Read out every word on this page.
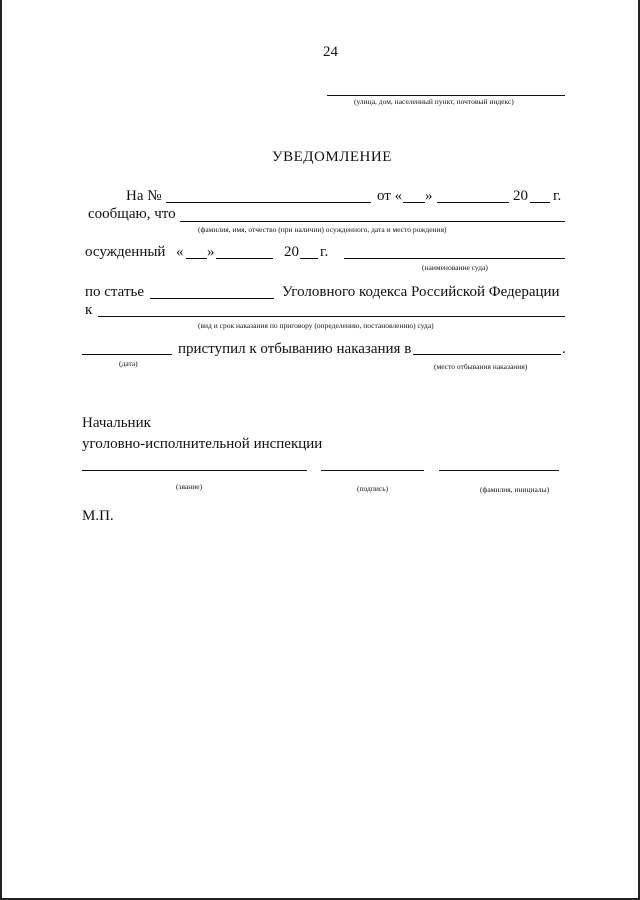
24
(улица, дом, населенный пункт, почтовый индекс)
УВЕДОМЛЕНИЕ
На №	от « »	20 г.
сообщаю, что
(фамилия, имя, отчество (при наличии) осужденного, дата и место рождения)
осужденный « »	20 г.
(наименование суда)
по статье	Уголовного кодекса Российской Федерации
к
(вид и срок наказания по приговору (определению, постановлению) суда)
приступил к отбыванию наказания в	.
(дата)	(место отбывания наказания)
Начальник
уголовно-исполнительной инспекции
(звание)	(подпись)	(фамилия, инициалы)
М.П.
